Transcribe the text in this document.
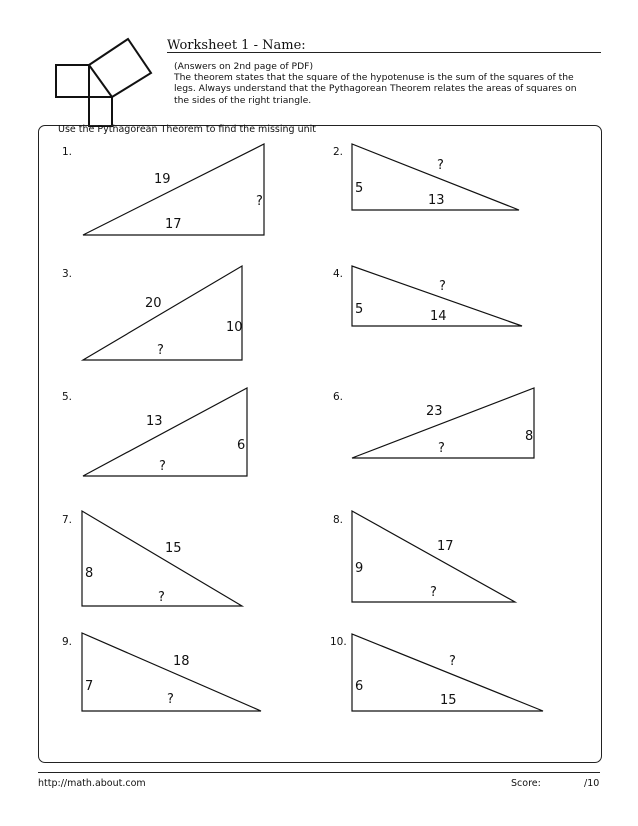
Worksheet 1 - Name:

(Answers on 2nd page of PDF)

The theorem states that the square of the hypotenuse is the sum of the squares of the legs. Always understand that the Pythagorean Theorem relates the areas of squares on the sides of the right triangle.

Use the Pythagorean Theorem to find the missing unit
1.
19
?
17
2.
?
5
13
3.
20
10
?
4.
?
5	14
5.
13
6
?
6.
23
8
?
7.
15
8
?
8.
17
9
?
9.
18
7
?
10.
?
6
15
http://math.about.com	Score:	/10
